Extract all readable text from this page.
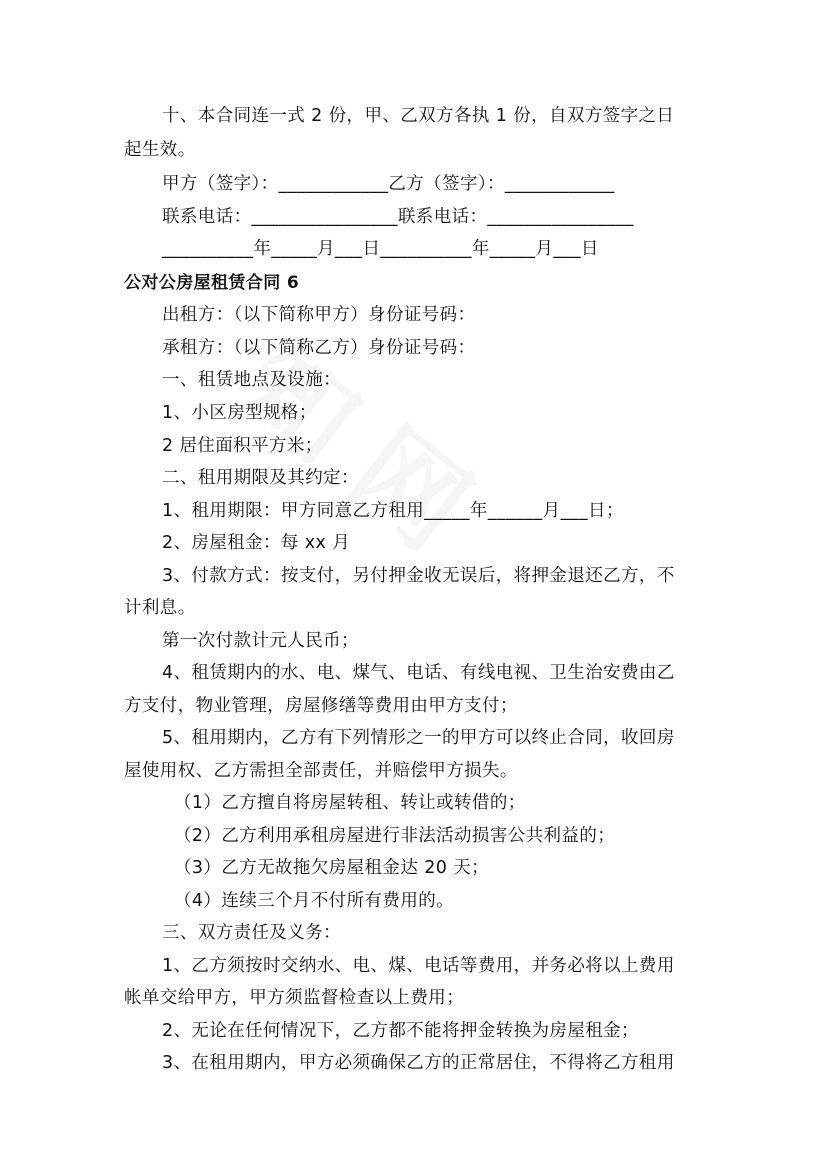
十、本合同连一式 2 份，甲、乙双方各执 1 份，自双方签字之日
起生效。
甲方（签字）：____________乙方（签字）：____________
联系电话：________________联系电话：________________
__________年_____月___日__________年_____月___日
公对公房屋租赁合同 6
出租方：（以下简称甲方）身份证号码：
承租方：（以下简称乙方）身份证号码：
一、租赁地点及设施：
1、小区房型规格；
2 居住面积平方米；
二、租用期限及其约定：
1、租用期限：甲方同意乙方租用_____年______月___日；
2、房屋租金：每 xx 月
3、付款方式：按支付，另付押金收无误后，将押金退还乙方，不
计利息。
第一次付款计元人民币；
4、租赁期内的水、电、煤气、电话、有线电视、卫生治安费由乙
方支付，物业管理，房屋修缮等费用由甲方支付；
5、租用期内，乙方有下列情形之一的甲方可以终止合同，收回房
屋使用权、乙方需担全部责任，并赔偿甲方损失。
（1）乙方擅自将房屋转租、转让或转借的；
（2）乙方利用承租房屋进行非法活动损害公共利益的；
（3）乙方无故拖欠房屋租金达 20 天；
（4）连续三个月不付所有费用的。
三、双方责任及义务：
1、乙方须按时交纳水、电、煤、电话等费用，并务必将以上费用
帐单交给甲方，甲方须监督检查以上费用；
2、无论在任何情况下，乙方都不能将押金转换为房屋租金；
3、在租用期内，甲方必须确保乙方的正常居住，不得将乙方租用
